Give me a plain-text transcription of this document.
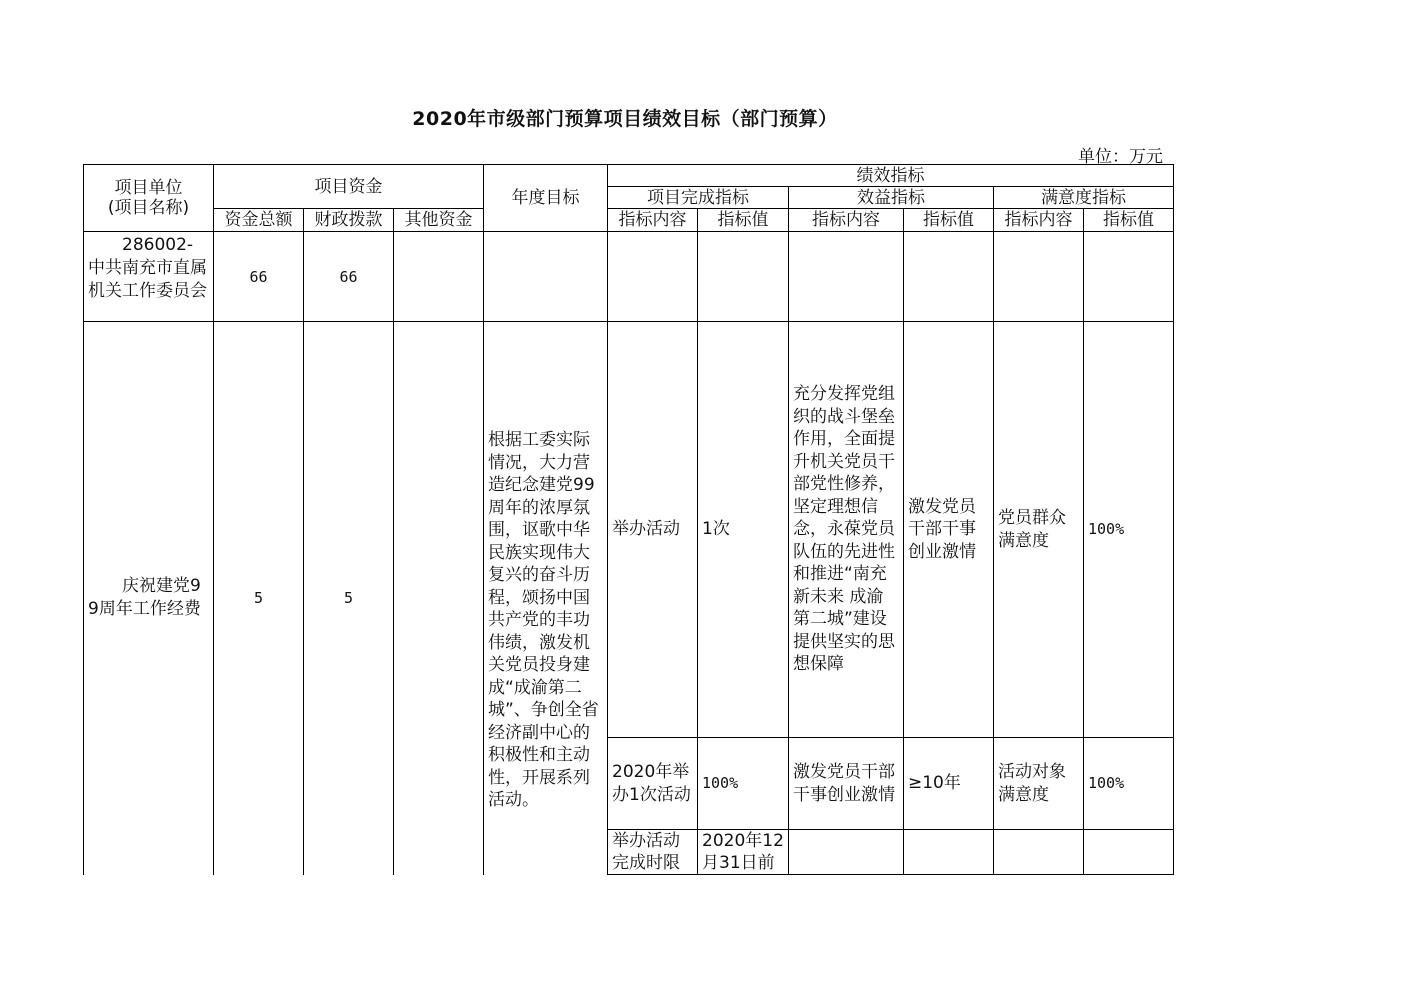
2020年市级部门预算项目绩效目标（部门预算）
单位：万元
项目单位
(项目名称)	项目资金			年度目标	绩效指标					
					项目完成指标		效益指标		满意度指标	
	资金总额	财政拨款	其他资金		指标内容	指标值	指标内容	指标值	指标内容	指标值
286002-中共南充市直属机关工作委员会	66	66								

庆祝建党99周年工作经费	5	5		根据工委实际情况，大力营造纪念建党99周年的浓厚氛围，讴歌中华民族实现伟大复兴的奋斗历程，颂扬中国共产党的丰功伟绩，激发机关党员投身建成“成渝第二城”、争创全省经济副中心的积极性和主动性，开展系列活动。	举办活动	1次	充分发挥党组织的战斗堡垒作用，全面提升机关党员干部党性修养，坚定理想信念，永葆党员队伍的先进性和推进“南充新未来 成渝第二城”建设提供坚实的思想保障	激发党员干部干事创业激情	党员群众满意度	100%
					2020年举办1次活动	100%	激发党员干部干事创业激情	≥10年	活动对象满意度	100%
					举办活动完成时限	2020年12月31日前				
